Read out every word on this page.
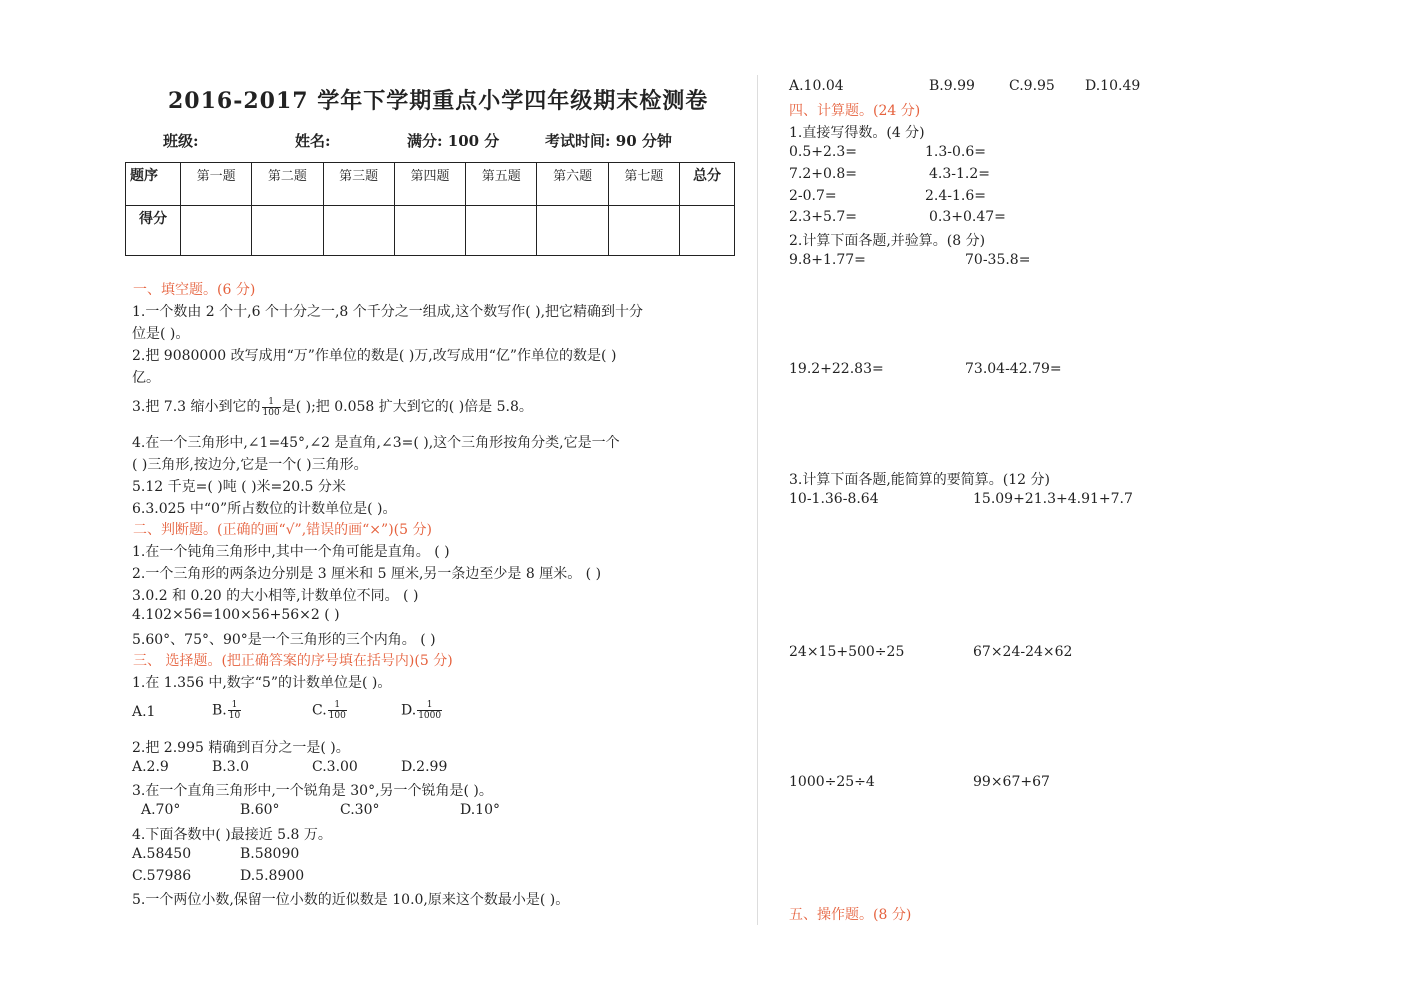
2016-2017 学年下学期重点小学四年级期末检测卷
班级:	姓名:	满分: 100 分	考试时间: 90 分钟
题序	第一题	第二题	第三题	第四题	第五题	第六题	第七题	总分
得分								
一、填空题。(6 分)
1.一个数由 2 个十,6 个十分之一,8 个千分之一组成,这个数写作( ),把它精确到十分
位是( )。
2.把 9080000 改写成用“万”作单位的数是( )万,改写成用“亿”作单位的数是( )
亿。
3.把 7.3 缩小到它的 $\frac{1}{100}$ 是( );把 0.058 扩大到它的( )倍是 5.8。
4.在一个三角形中,∠1=45°,∠2 是直角,∠3=( ),这个三角形按角分类,它是一个
( )三角形,按边分,它是一个( )三角形。
5.12 千克=( )吨 ( )米=20.5 分米
6.3.025 中“0”所占数位的计数单位是( )。
二、判断题。(正确的画“√”,错误的画“×”)(5 分)
1.在一个钝角三角形中,其中一个角可能是直角。 ( )
2.一个三角形的两条边分别是 3 厘米和 5 厘米,另一条边至少是 8 厘米。 ( )
3.0.2 和 0.20 的大小相等,计数单位不同。 ( )
4.102×56=100×56+56×2 ( )
5.60°、75°、90°是一个三角形的三个内角。 ( )
三、 选择题。(把正确答案的序号填在括号内)(5 分)
1.在 1.356 中,数字“5”的计数单位是( )。
A.1	B. $\frac{1}{10}$	C. $\frac{1}{100}$	D. $\frac{1}{1000}$
2.把 2.995 精确到百分之一是( )。
A.2.9	B.3.0	C.3.00	D.2.99
3.在一个直角三角形中,一个锐角是 30°,另一个锐角是( )。
A.70°	B.60°	C.30°	D.10°
4.下面各数中( )最接近 5.8 万。
A.58450	B.58090
C.57986	D.5.8900
5.一个两位小数,保留一位小数的近似数是 10.0,原来这个数最小是( )。
A.10.04	B.9.99 C.9.95 D.10.49
四、计算题。(24 分)
1.直接写得数。(4 分)
0.5+2.3=	1.3-0.6=
7.2+0.8=	4.3-1.2=
2-0.7=	2.4-1.6=
2.3+5.7=	0.3+0.47=
2.计算下面各题,并验算。(8 分)
9.8+1.77=	70-35.8=
19.2+22.83=	73.04-42.79=
3.计算下面各题,能简算的要简算。(12 分)
10-1.36-8.64	15.09+21.3+4.91+7.7
24×15+500÷25	67×24-24×62
1000÷25÷4	99×67+67
五、操作题。(8 分)
